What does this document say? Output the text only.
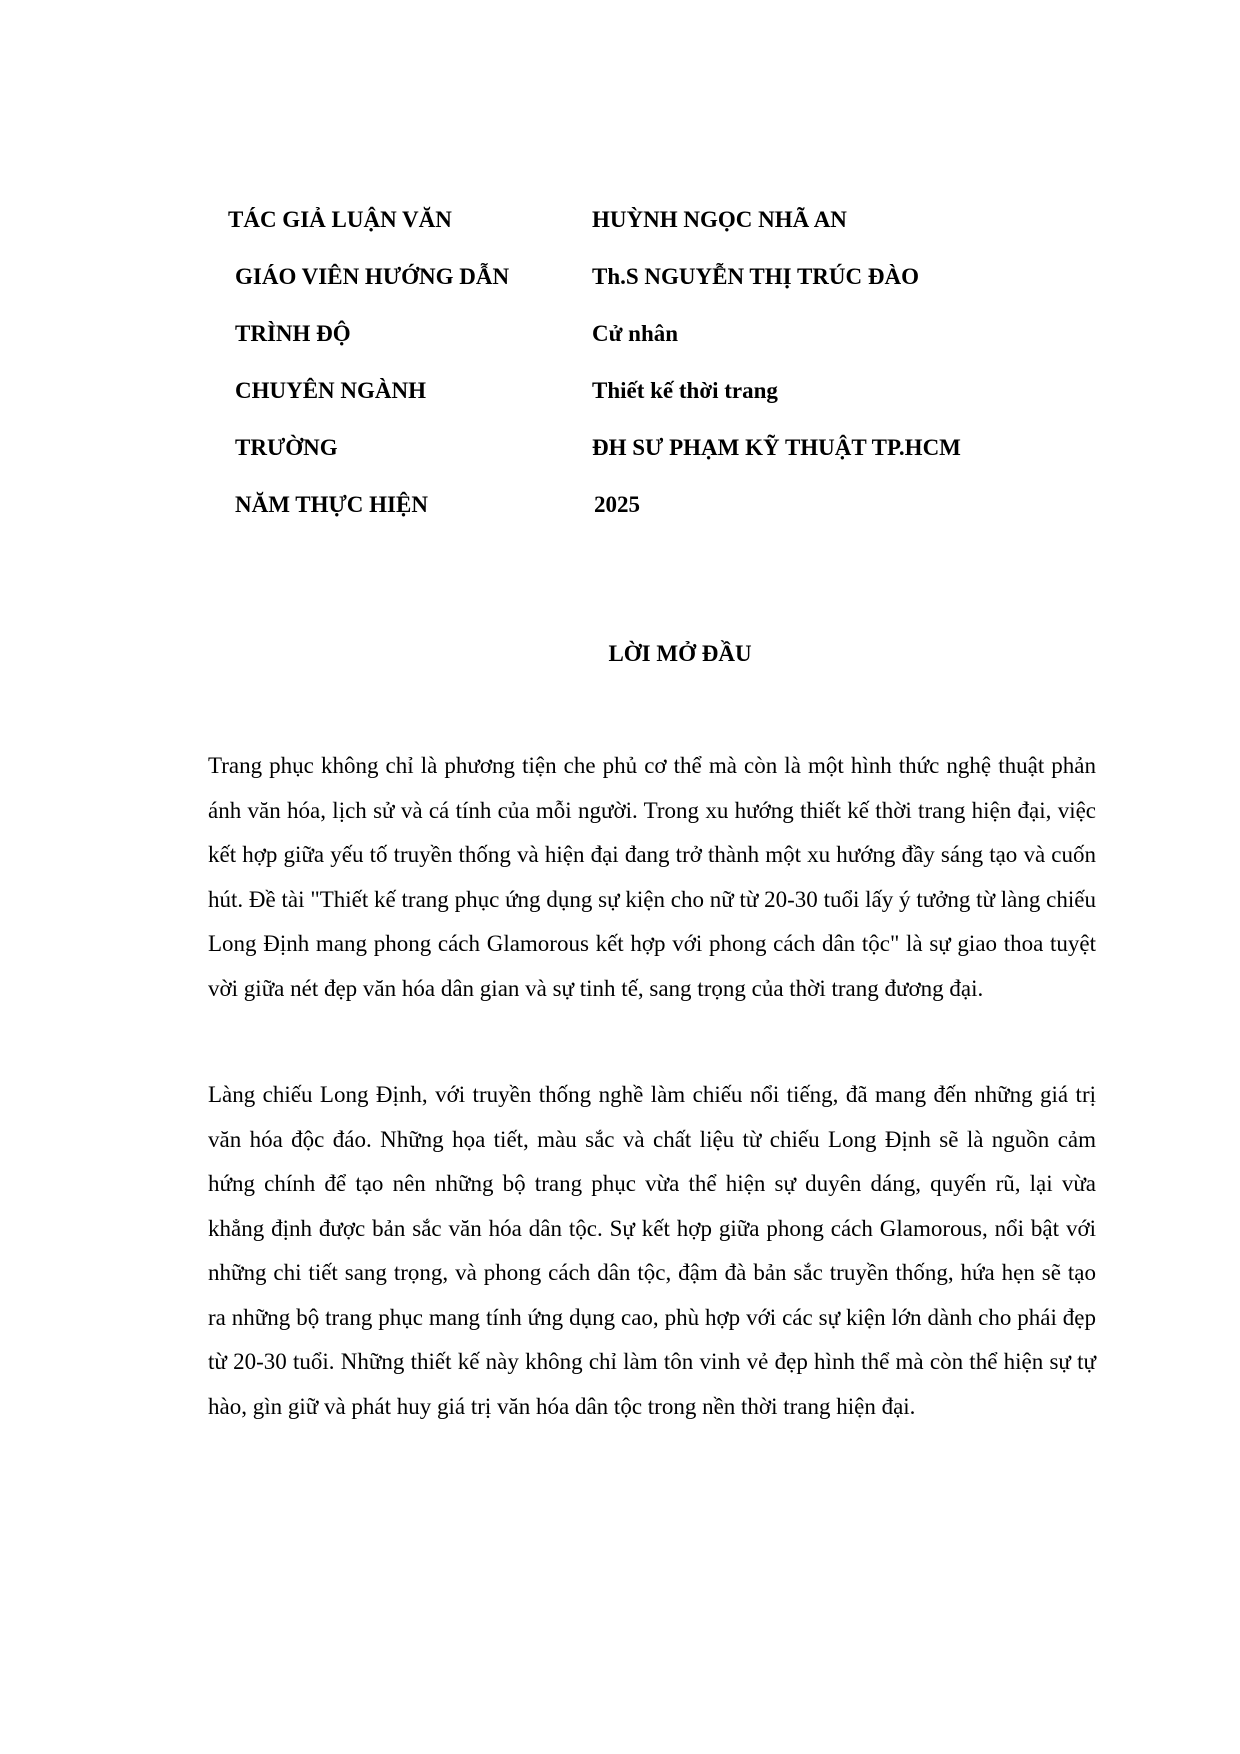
TÁC GIẢ LUẬN VĂN	HUỲNH NGỌC NHÃ AN
GIÁO VIÊN HƯỚNG DẪN	Th.S NGUYỄN THỊ TRÚC ĐÀO
TRÌNH ĐỘ	Cử nhân
CHUYÊN NGÀNH	Thiết kế thời trang
TRƯỜNG	ĐH SƯ PHẠM KỸ THUẬT TP.HCM
NĂM THỰC HIỆN	2025
LỜI MỞ ĐẦU

Trang phục không chỉ là phương tiện che phủ cơ thể mà còn là một hình thức nghệ thuật phản ánh văn hóa, lịch sử và cá tính của mỗi người. Trong xu hướng thiết kế thời trang hiện đại, việc kết hợp giữa yếu tố truyền thống và hiện đại đang trở thành một xu hướng đầy sáng tạo và cuốn hút. Đề tài "Thiết kế trang phục ứng dụng sự kiện cho nữ từ 20-30 tuổi lấy ý tưởng từ làng chiếu Long Định mang phong cách Glamorous kết hợp với phong cách dân tộc" là sự giao thoa tuyệt vời giữa nét đẹp văn hóa dân gian và sự tinh tế, sang trọng của thời trang đương đại.

Làng chiếu Long Định, với truyền thống nghề làm chiếu nổi tiếng, đã mang đến những giá trị văn hóa độc đáo. Những họa tiết, màu sắc và chất liệu từ chiếu Long Định sẽ là nguồn cảm hứng chính để tạo nên những bộ trang phục vừa thể hiện sự duyên dáng, quyến rũ, lại vừa khẳng định được bản sắc văn hóa dân tộc. Sự kết hợp giữa phong cách Glamorous, nổi bật với những chi tiết sang trọng, và phong cách dân tộc, đậm đà bản sắc truyền thống, hứa hẹn sẽ tạo ra những bộ trang phục mang tính ứng dụng cao, phù hợp với các sự kiện lớn dành cho phái đẹp từ 20-30 tuổi. Những thiết kế này không chỉ làm tôn vinh vẻ đẹp hình thể mà còn thể hiện sự tự hào, gìn giữ và phát huy giá trị văn hóa dân tộc trong nền thời trang hiện đại.
